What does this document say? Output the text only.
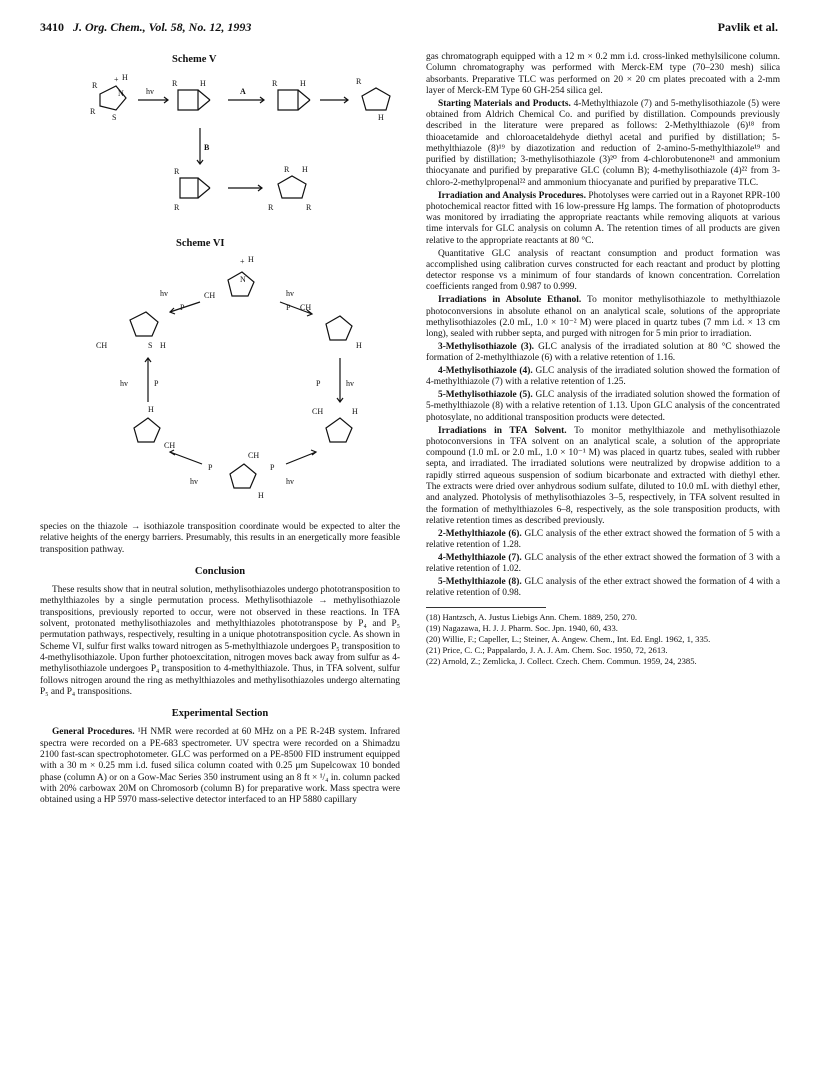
3410 J. Org. Chem., Vol. 58, No. 12, 1993	Pavlik et al.
Scheme V
R
+ H
N
S
R
hv	A
B
R	H	R	H	R
H
R
R
R H
R
R
Scheme VI
+ H
N
CH
hv
P
hv
P CH
CH	S H	H
hv	P	P	hv
H
CH
CH	H
P
hv
P
hv
CH
H

species on the thiazole → isothiazole transposition coordinate would be expected to alter the relative heights of the energy barriers. Presumably, this results in an energetically more feasible transposition pathway.

Conclusion

These results show that in neutral solution, methylisothiazoles undergo phototransposition to methylthiazoles by a single permutation process. Methylisothiazole → methylisothiazole transpositions, previously reported to occur, were not observed in these reactions. In TFA solvent, protonated methylisothiazoles and methylthiazoles phototranspose by P₄ and P₅ permutation pathways, respectively, resulting in a unique phototransposition cycle. As shown in Scheme VI, sulfur first walks toward nitrogen as 5-methylthiazole undergoes P₅ transposition to 4-methylisothiazole. Upon further photoexcitation, nitrogen moves back away from sulfur as 4-methylisothiazole undergoes P₄ transposition to 4-methylthiazole. Thus, in TFA solvent, sulfur follows nitrogen around the ring as methylthiazoles and methylisothiazoles undergo alternating P₅ and P₄ transpositions.

Experimental Section

General Procedures. ¹H NMR were recorded at 60 MHz on a PE R-24B system. Infrared spectra were recorded on a PE-683 spectrometer. UV spectra were recorded on a Shimadzu 2100 fast-scan spectrophotometer. GLC was performed on a PE-8500 FID instrument equipped with a 30 m × 0.25 mm i.d. fused silica column coated with 0.25 μm Supelcowax 10 bonded phase (column A) or on a Gow-Mac Series 350 instrument using an 8 ft × ¹/₄ in. column packed with 20% carbowax 20M on Chromosorb (column B) for preparative work. Mass spectra were obtained using a HP 5970 mass-selective detector interfaced to an HP 5880 capillary

gas chromatograph equipped with a 12 m × 0.2 mm i.d. cross-linked methylsilicone column. Column chromatography was performed with Merck-EM type (70–230 mesh) silica absorbants. Preparative TLC was performed on 20 × 20 cm plates precoated with a 2-mm layer of Merck-EM Type 60 GH-254 silica gel.

Starting Materials and Products. 4-Methylthiazole (7) and 5-methylisothiazole (5) were obtained from Aldrich Chemical Co. and purified by distillation. Compounds previously described in the literature were prepared as follows: 2-Methylthiazole (6)¹⁸ from thioacetamide and chloroacetaldehyde diethyl acetal and purified by distillation; 5-methylthiazole (8)¹⁹ by diazotization and reduction of 2-amino-5-methylthiazole¹⁹ and purified by distillation; 3-methylisothiazole (3)²⁰ from 4-chlorobutenone²¹ and ammonium thiocyanate and purified by preparative GLC (column B); 4-methylisothiazole (4)²² from 3-chloro-2-methylpropenal²² and ammonium thiocyanate and purified by preparative TLC.

Irradiation and Analysis Procedures. Photolyses were carried out in a Rayonet RPR-100 photochemical reactor fitted with 16 low-pressure Hg lamps. The formation of photoproducts was monitored by irradiating the appropriate reactants while removing aliquots at various time intervals for GLC analysis on column A. The retention times of all products are given relative to the appropriate reactants at 80 °C.

Quantitative GLC analysis of reactant consumption and product formation was accomplished using calibration curves constructed for each reactant and product by plotting detector response vs a minimum of four standards of known concentration. Correlation coefficients ranged from 0.987 to 0.999.

Irradiations in Absolute Ethanol. To monitor methylisothiazole to methylthiazole photoconversions in absolute ethanol on an analytical scale, solutions of the appropriate methylisothiazoles (2.0 mL, 1.0 × 10⁻² M) were placed in quartz tubes (7 mm i.d. × 13 cm long), sealed with rubber septa, and purged with nitrogen for 5 min prior to irradiation.

3-Methylisothiazole (3). GLC analysis of the irradiated solution at 80 °C showed the formation of 2-methylthiazole (6) with a relative retention of 1.16.

4-Methylisothiazole (4). GLC analysis of the irradiated solution showed the formation of 4-methylthiazole (7) with a relative retention of 1.25.

5-Methylisothiazole (5). GLC analysis of the irradiated solution showed the formation of 5-methylthiazole (8) with a relative retention of 1.13. Upon GLC analysis of the concentrated photosylate, no additional transposition products were detected.

Irradiations in TFA Solvent. To monitor methylthiazole and methylisothiazole photoconversions in TFA solvent on an analytical scale, a solution of the appropriate compound (1.0 mL or 2.0 mL, 1.0 × 10⁻¹ M) was placed in quartz tubes, sealed with rubber septa, and irradiated. The irradiated solutions were neutralized by dropwise addition to a rapidly stirred aqueous suspension of sodium bicarbonate and extracted with diethyl ether. The extracts were dried over anhydrous sodium sulfate, diluted to 10.0 mL with diethyl ether, and analyzed. Photolysis of methylisothiazoles 3–5, respectively, in TFA solvent resulted in the formation of methylthiazoles 6–8, respectively, as the sole transposition products, with relative retention times as described previously.

2-Methylthiazole (6). GLC analysis of the ether extract showed the formation of 5 with a relative retention of 1.28.

4-Methylthiazole (7). GLC analysis of the ether extract showed the formation of 3 with a relative retention of 1.02.

5-Methylthiazole (8). GLC analysis of the ether extract showed the formation of 4 with a relative retention of 0.98.

(18) Hantzsch, A. Justus Liebigs Ann. Chem. 1889, 250, 270.
(19) Nagazawa, H. J. J. Pharm. Soc. Jpn. 1940, 60, 433.
(20) Willie, F.; Capeller, L.; Steiner, A. Angew. Chem., Int. Ed. Engl. 1962, 1, 335.
(21) Price, C. C.; Pappalardo, J. A. J. Am. Chem. Soc. 1950, 72, 2613.
(22) Arnold, Z.; Zemlicka, J. Collect. Czech. Chem. Commun. 1959, 24, 2385.
